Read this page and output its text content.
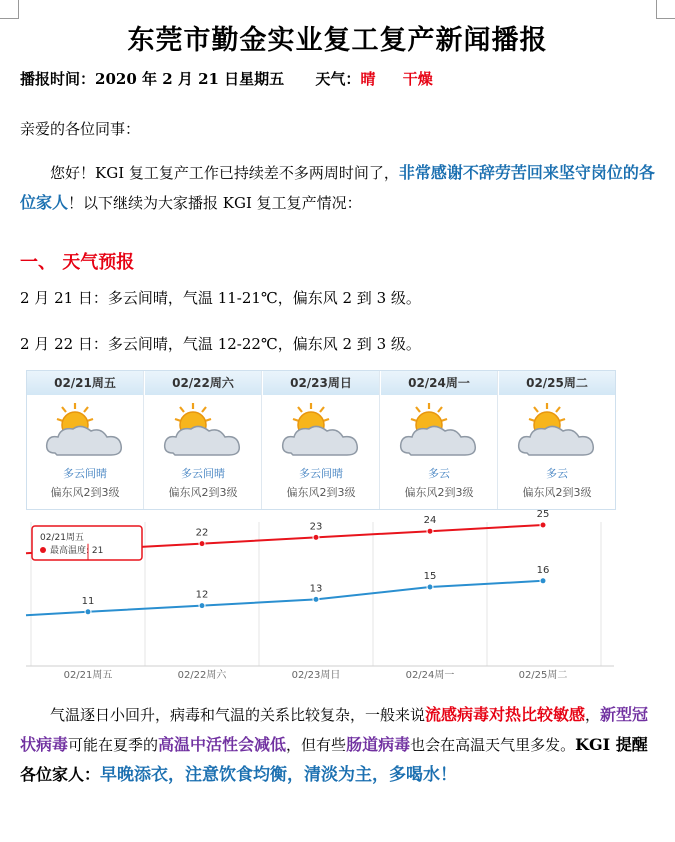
东莞市勤金实业复工复产新闻播报
播报时间：2020 年 2 月 21 日星期五 天气：晴 干燥
亲爱的各位同事：
您好！KGI 复工复产工作已持续差不多两周时间了，非常感谢不辞劳苦回来坚守岗位的各位家人！以下继续为大家播报 KGI 复工复产情况：
一、 天气预报
2 月 21 日：多云间晴，气温 11-21℃，偏东风 2 到 3 级。
2 月 22 日：多云间晴，气温 12-22℃，偏东风 2 到 3 级。
02/21周五
多云间晴
偏东风2到3级
02/22周六
多云间晴
偏东风2到3级
02/23周日
多云间晴
偏东风2到3级
02/24周一
多云
偏东风2到3级
02/25周二
多云
偏东风2到3级
02/21周五	02/22周六	02/23周日	02/24周一	02/25周二
22
23
24
25
11
12
13
15
16
02/21周五
最高温度: 21
气温逐日小回升，病毒和气温的关系比较复杂，一般来说流感病毒对热比较敏感，新型冠状病毒可能在夏季的高温中活性会减低，但有些肠道病毒也会在高温天气里多发。KGI 提醒各位家人：早晚添衣，注意饮食均衡，清淡为主，多喝水！
